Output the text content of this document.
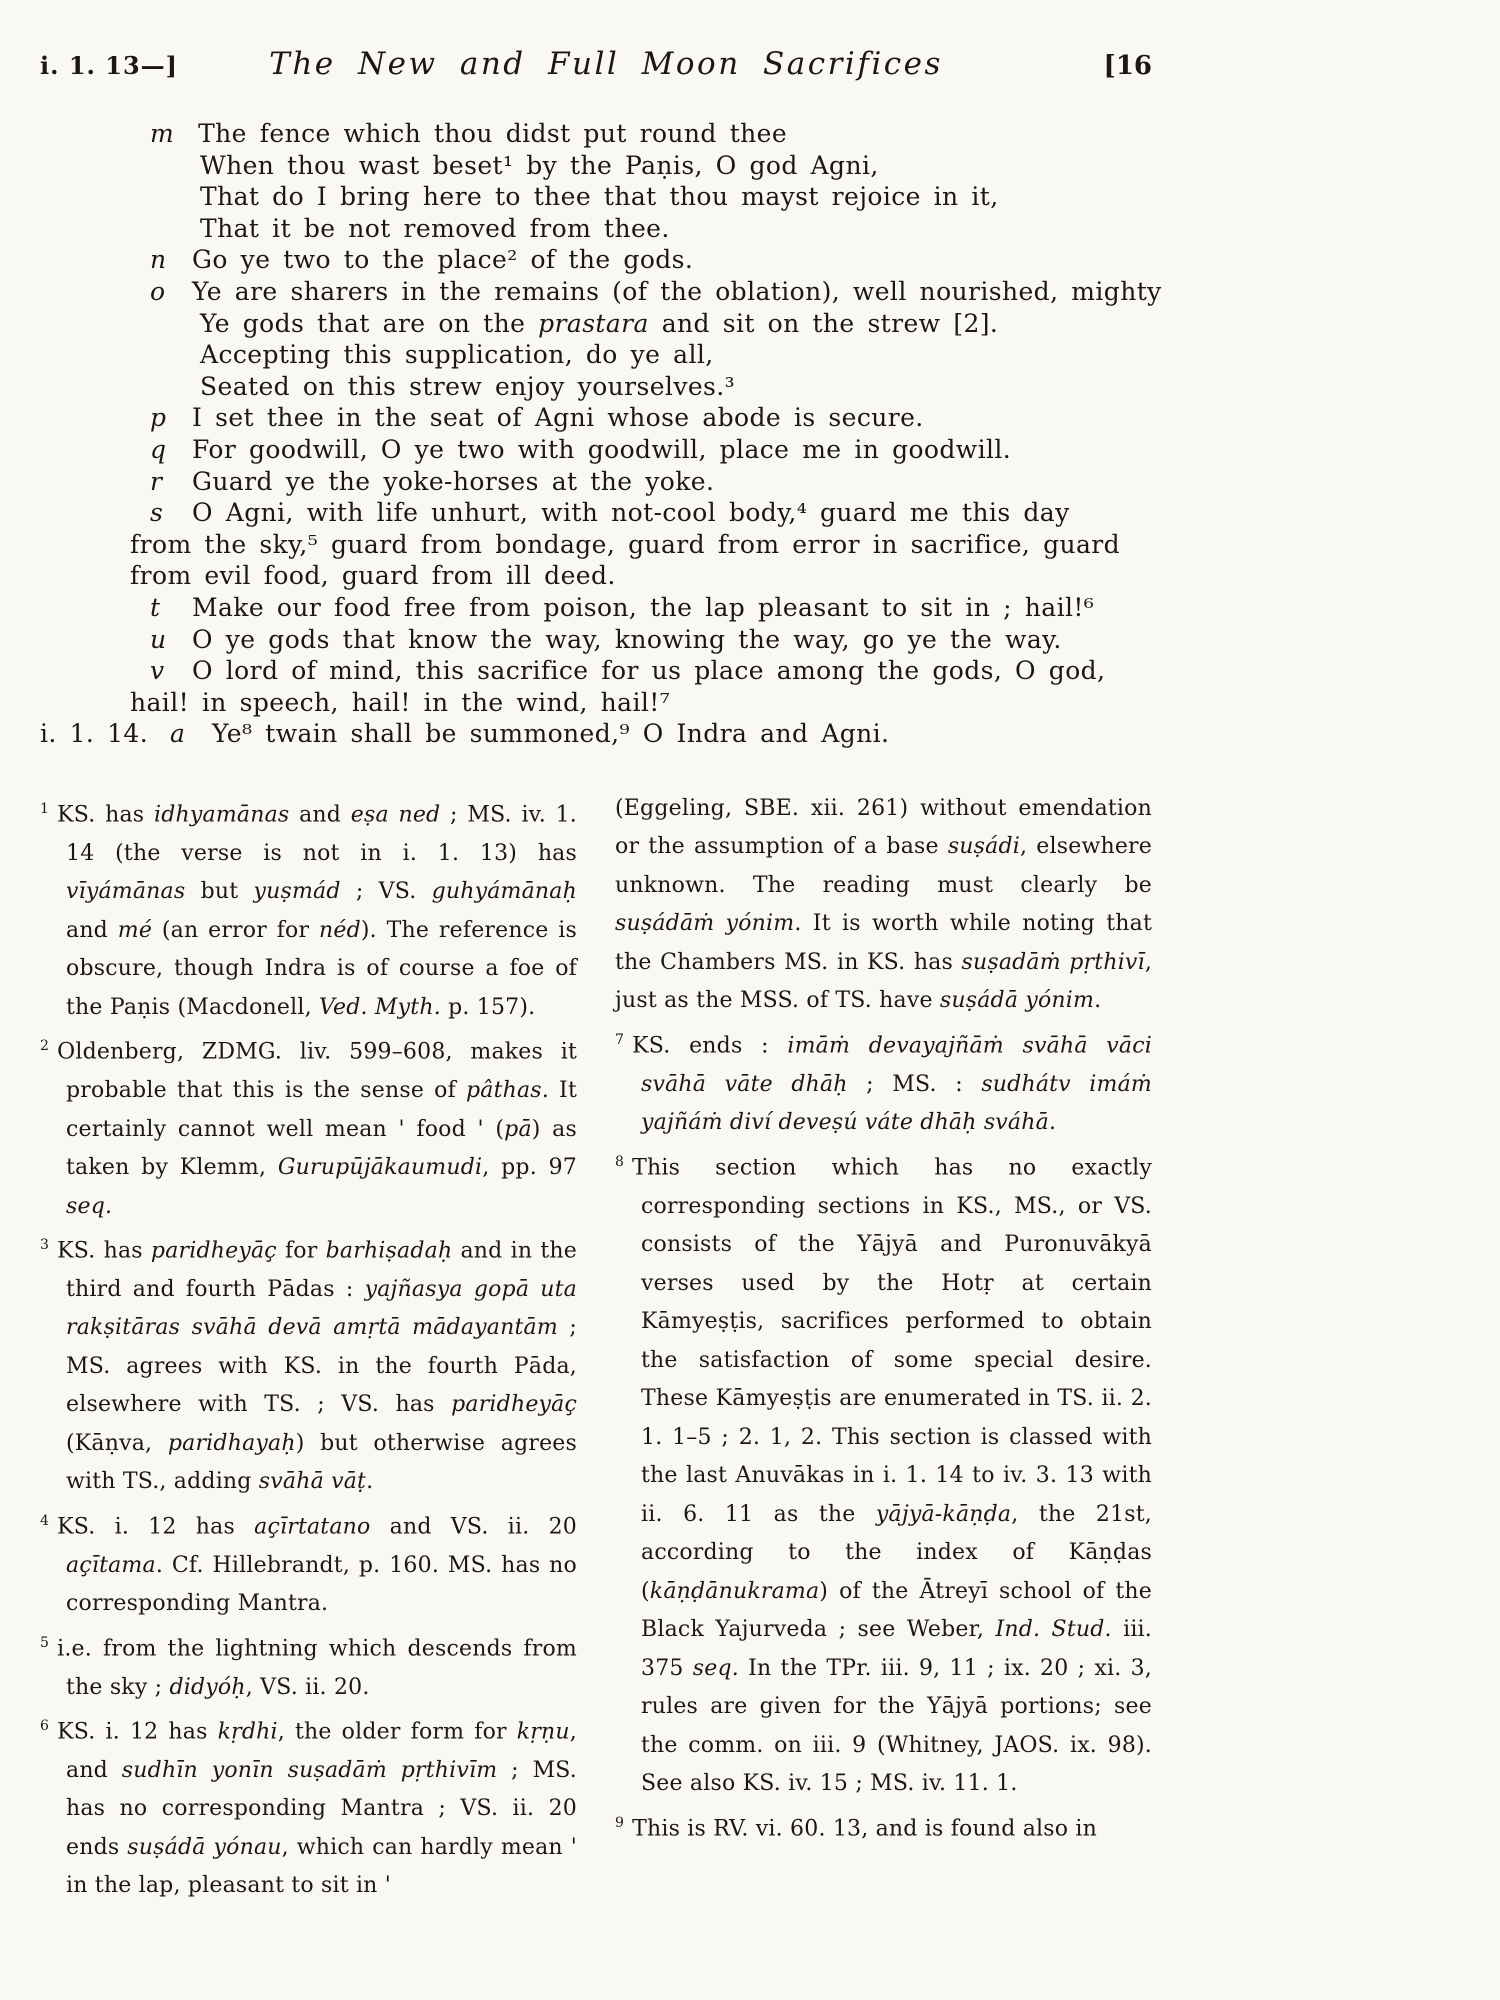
i. 1. 13—]	The New and Full Moon Sacrifices	[16
m The fence which thou didst put round thee
When thou wast beset¹ by the Paṇis, O god Agni,
That do I bring here to thee that thou mayst rejoice in it,
That it be not removed from thee.
n Go ye two to the place² of the gods.
o Ye are sharers in the remains (of the oblation), well nourished, mighty
Ye gods that are on the prastara and sit on the strew [2].
Accepting this supplication, do ye all,
Seated on this strew enjoy yourselves.³
p I set thee in the seat of Agni whose abode is secure.
q For goodwill, O ye two with goodwill, place me in goodwill.
r Guard ye the yoke-horses at the yoke.
s O Agni, with life unhurt, with not-cool body,⁴ guard me this day
from the sky,⁵ guard from bondage, guard from error in sacrifice, guard
from evil food, guard from ill deed.
t Make our food free from poison, the lap pleasant to sit in ; hail!⁶
u O ye gods that know the way, knowing the way, go ye the way.
v O lord of mind, this sacrifice for us place among the gods, O god,
hail! in speech, hail! in the wind, hail!⁷
i. 1. 14. a Ye⁸ twain shall be summoned,⁹ O Indra and Agni.

$^1$ KS. has idhyamānas and eṣa ned ; MS. iv. 1. 14 (the verse is not in i. 1. 13) has vīyámānas but yuṣmád ; VS. guhyámānaḥ and mé (an error for néd). The reference is obscure, though Indra is of course a foe of the Paṇis (Macdonell, Ved. Myth. p. 157).

$^2$ Oldenberg, ZDMG. liv. 599–608, makes it probable that this is the sense of pâthas. It certainly cannot well mean ' food ' (pā) as taken by Klemm, Gurupūjākaumudi, pp. 97 seq.

$^3$ KS. has paridheyāç for barhiṣadaḥ and in the third and fourth Pādas : yajñasya gopā uta rakṣitāras svāhā devā amṛtā mādayantām ; MS. agrees with KS. in the fourth Pāda, elsewhere with TS. ; VS. has paridheyāç (Kāṇva, paridhayaḥ) but otherwise agrees with TS., adding svāhā vāṭ.

$^4$ KS. i. 12 has açīrtatano and VS. ii. 20 açītama. Cf. Hillebrandt, p. 160. MS. has no corresponding Mantra.

$^5$ i.e. from the lightning which descends from the sky ; didyóḥ, VS. ii. 20.

$^6$ KS. i. 12 has kṛdhi, the older form for kṛṇu, and sudhīn yonīn suṣadāṁ pṛthivīm ; MS. has no corresponding Mantra ; VS. ii. 20 ends suṣádā yónau, which can hardly mean ' in the lap, pleasant to sit in '

(Eggeling, SBE. xii. 261) without emendation or the assumption of a base suṣádi, elsewhere unknown. The reading must clearly be suṣádāṁ yónim. It is worth while noting that the Chambers MS. in KS. has suṣadāṁ pṛthivī, just as the MSS. of TS. have suṣádā yónim.

$^7$ KS. ends : imāṁ devayajñāṁ svāhā vāci svāhā vāte dhāḥ ; MS. : sudhátv imáṁ yajñáṁ diví deveṣú váte dhāḥ sváhā.

$^8$ This section which has no exactly corresponding sections in KS., MS., or VS. consists of the Yājyā and Puronuvākyā verses used by the Hotṛ at certain Kāmyeṣṭis, sacrifices performed to obtain the satisfaction of some special desire. These Kāmyeṣṭis are enumerated in TS. ii. 2. 1. 1–5 ; 2. 1, 2. This section is classed with the last Anuvākas in i. 1. 14 to iv. 3. 13 with ii. 6. 11 as the yājyā-kāṇḍa, the 21st, according to the index of Kāṇḍas (kāṇḍānukrama) of the Ātreyī school of the Black Yajurveda ; see Weber, Ind. Stud. iii. 375 seq. In the TPr. iii. 9, 11 ; ix. 20 ; xi. 3, rules are given for the Yājyā portions; see the comm. on iii. 9 (Whitney, JAOS. ix. 98). See also KS. iv. 15 ; MS. iv. 11. 1.

$^9$ This is RV. vi. 60. 13, and is found also in
